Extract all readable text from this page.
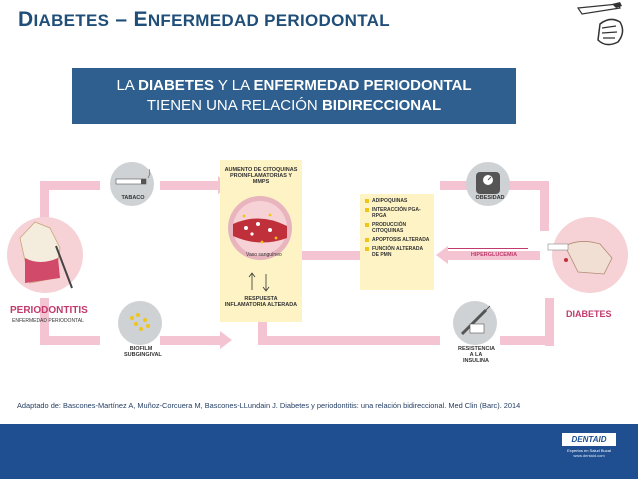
DIABETES – ENFERMEDAD PERIODONTAL
LA DIABETES Y LA ENFERMEDAD PERIODONTAL
TIENEN UNA RELACIÓN BIDIRECCIONAL
TABACO	OBESIDAD
AUMENTO DE CITOQUINAS PROINFLAMATORIAS Y MMPS
Vaso sanguíneo
RESPUESTA INFLAMATORIA ALTERADA
HIPERGLUCEMIA
BIOFILM SUBGINGIVAL
RESISTENCIA A LA INSULINA
PERIODONTITIS
ENFERMEDAD PERIODONTAL
DIABETES
ADIPOQUINAS
INTERACCIÓN PGA-RPGA
PRODUCCIÓN CITOQUINAS
APOPTOSIS ALTERADA
FUNCIÓN ALTERADA DE PMN
Adaptado de: Bascones-Martínez A, Muñoz-Corcuera M, Bascones-LLundain J. Diabetes y periodontitis: una relación bidireccional. Med Clin (Barc). 2014
DENTAID
Expertos en Salud Bucal
www.dentaid.com
